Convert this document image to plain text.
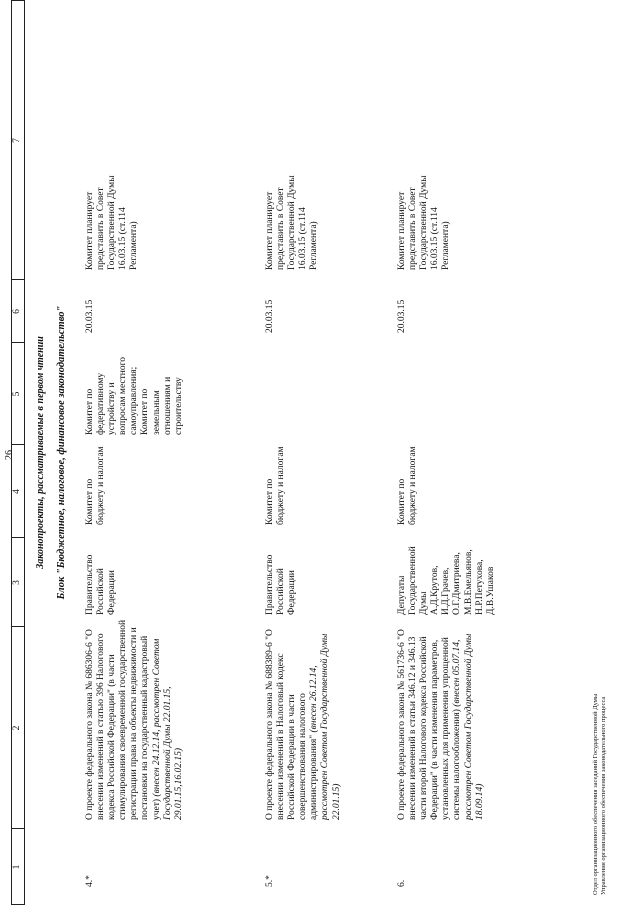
26
1
2
3
4
5
6
7
Законопроекты, рассматриваемые в первом чтении Блок "Бюджетное, налоговое, финансовое законодательство"
4.*
О проекте федерального закона № 686306-6 "О внесении изменений в статью 396 Налогового кодекса Российской Федерации" (в части стимулирования своевременной государственной регистрации права на объекты недвижимости и постановки на государственный кадастровый учет) (внесен 24.12.14, рассмотрен Советом Государственной Думы 22.01.15, 29.01.15,16.02.15)
Правительство Российской Федерации
Комитет по бюджету и налогам
Комитет по федеративному устройству и вопросам местного самоуправления; Комитет по земельным отношениям и строительству
20.03.15
Комитет планирует представить в Совет Государственной Думы 16.03.15 (ст.114 Регламента)
5.*
О проекте федерального закона № 688389-6 "О внесении изменений в Налоговый кодекс Российской Федерации в части совершенствования налогового администрирования" (внесен 26.12.14, рассмотрен Советом Государственной Думы 22.01.15)
Правительство Российской Федерации
Комитет по бюджету и налогам
20.03.15
Комитет планирует представить в Совет Государственной Думы 16.03.15 (ст.114 Регламента)
6.
О проекте федерального закона № 561736-6 "О внесении изменений в статьи 346.12 и 346.13 части второй Налогового кодекса Российской Федерации" (в части изменения параметров, установленных для применения упрощенной системы налогообложения) (внесен 05.07.14, рассмотрен Советом Государственной Думы 18.09.14)
Депутаты Государственной Думы А.Д.Крутов, И.Д.Грачев, О.Г.Дмитриева, М.В.Емельянов, Н.Р.Петухова, Д.В.Ушаков
Комитет по бюджету и налогам
20.03.15
Комитет планирует представить в Совет Государственной Думы 16.03.15 (ст.114 Регламента)
Отдел организационного обеспечения заседаний Государственной Думы Управления организационного обеспечения законодательного процесса
